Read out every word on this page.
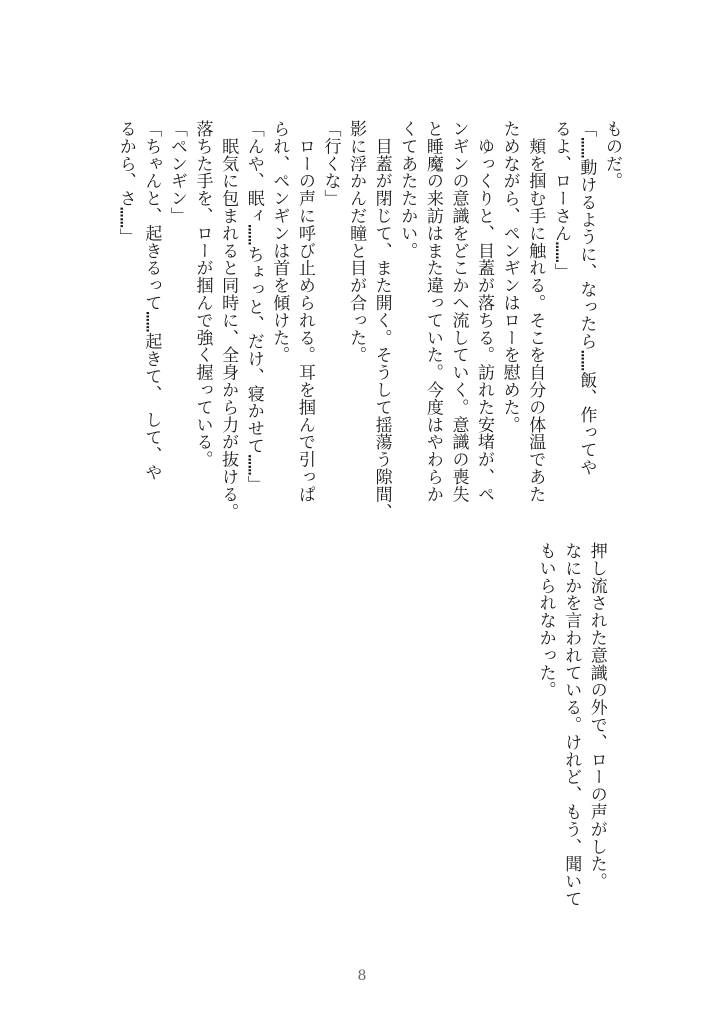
ものだ。
「……動けるように、なったら……飯、作ってや
るよ、ローさん……」
　頬を掴む手に触れる。そこを自分の体温であた
ためながら、ペンギンはローを慰めた。
　ゆっくりと、目蓋が落ちる。訪れた安堵が、ペ
ンギンの意識をどこかへ流していく。意識の喪失
と睡魔の来訪はまた違っていた。今度はやわらか
くてあたたかい。
　目蓋が閉じて、また開く。そうして揺蕩う隙間、
影に浮かんだ瞳と目が合った。
「行くな」
　ローの声に呼び止められる。耳を掴んで引っぱ
られ、ペンギンは首を傾けた。
「んや、眠ィ……ちょっと、だけ、寝かせて……」
　眠気に包まれると同時に、全身から力が抜ける。
落ちた手を、ローが掴んで強く握っている。
「ペンギン」
「ちゃんと、起きるって……起きて、　して、や
るから、さ……」
押し流された意識の外で、ローの声がした。
なにかを言われている。けれど、もう、聞いて
もいられなかった。
8
